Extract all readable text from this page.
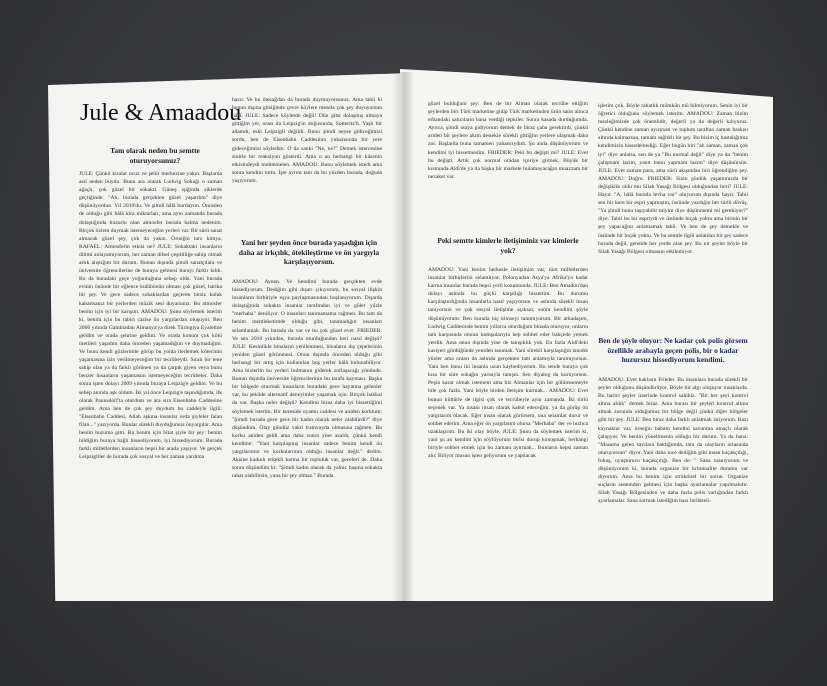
Jule & Amaadou
Tam olarak neden bu semtte oturuyorsunuz?

JULE: Çünkü kiralar ucuz ve şehir merkezine yakın. Başlarda asıl neden buydu. Bunu ara olarak Ludwig Sokağı o zaman ağaçlı, çok güzel bir sokakti. Güneş ışığında siklerde geçtiğinde: "Ah, burada gerçekten güzel yaşardım" diye düşünüyordun. Yıl 2010'du. Ve şimdi hâlâ burdayım. Önceden de olduğu gibi hâlâ kira miktarları, ama aynı zamanda burada dolaştığında huzurlu olan atmosfer burada kalma nedenim. Birçok özlem duymak istemeyeceğim yerleri var. Bir sürü sanat almacak güzel şey, çok da yakın. Örneğin tarz kimya. RAFAEL: Atmosferin etkisi ne? JULE: Sokaktaki insanların dilimi anlayamıyorum, her zaman dilsel çeşitliliğe sahip olmak artık alıştığım bir durum. Bunun dışında şimdi sanatçılara ve üniversite öğrencilerine de buraya gelmesi burayı farklı kıldı. Bu da buradaki geçe yoğunluğuna sebep oldu. Yani burada evinin önünde bir eğlence kulübünün olması çok güzel, harika bir şey. Ve gece sadece sokaklardan geçeren bitsiz kulak kabartsanız bir yerlerden müzik sesi duyarsınız. Bu atmosfer benim için iyi bir karışım. AMADOU: Şunu söylemek isterim ki, benim için bu tabiri cazise ön yargılardan oluşuyor. Ben 2006 yılında Gambiadan Almanya'ya direk Türingiya Eyaletine geldim ve orada şehrine geldim. Ve orada konum çok kötü üretileri yaşadım daha önceden yaşamadığım ve duymadığım. Ve bunu kendi gözlerimle görüp bu yolda ilerlemek kötecinin yaşamasına izin verilmeyeceğim bir tecrübeydi. Sıralı bir tene sahip olan ya da farklı görünen ya da çarpık giyen veya bunu benzer insanların yaşamasını istemeyeceğim tecrübeler. Daha sonra işten dolayı 2009 yılında buraya Leipzig'e geldim. Ve bu sebep anında aşk oldum. İki yıl önce Leipzig'e taşındığımda, ilk olarak Paunsdorf'ta oturdum ve ara sıra Eisenbahn Caddesine geldim. Ama ben de çok şey duydum bu caddeyle ilgili: "Eisenbahn Caddesi, Allah aşkına insanlar orda şiyleler falan filan..." yazıyorda. Bunlar sürekli duyduğumuz önyargılar. Ama benim huzuma gitti. Bu benim için bitat şiyle bir şey: benim bildiğim buraya bağlı hissediyorum, iyi hissediyorum. Burada farklı milletlerden insanların hepsi bir arada yaşıyor. Ve gerçek Leipzigliler de burada çok sosyal ve her zaman yardıma

hazır. Ve bu ötesağdan da burada duymuyorsunuz. Ama tabii ki bunun dışına gitsiğinde çevre köylere mesela çok şey duyuyorsun hâlâ. JULE: Sadece köylerde değil! Dün gitsi dolaşmış almaya gittiğim yer, orası da Leipzig'in doğusunda, Sotteritz'ti. Yaşlı bir adamdı, eski Leipzigli değildi. Bunu şimdi neyse gidiceğimizi sordu, ben de Eisenbahn Caddesinin yukarısında bir yere gideceğimizi söyledim. O da sanki "Ne, ne?" Demek istercesine sinirle bir reaksiyon gösterdi. Ama o an herhangi bir kâsenin etkisindeydi muhtemelen. AMADOU: Bunu söylemek istedi ama sonra kendini tuttu. İşte ayrım tam da bu yüzden burada, doğuda yaşıyorum.

Yani her şeyden önce burada yaşadığın için daha az irkçılık, ötekileştirme ve ön yargıyla karşılaşıyorsun.

AMADOU: Aynen. Ve kendimi burada gerçekten evde hissediyorum. Dediğim gibi dışarı çıkıyorum, bu sosyal ilişkin insanların birbiriyle eşya paylaşmasından hoşlanıyorum. Dışarda dolaştığında sokakta insanlar tarafından iyi ve güler yüzle "merhaba" deniliyor. O insanları tanımamama rağmen. Bu tam da benim memleketimde olduğu gibi, tanımadığın insanları selamlamak. Bu burada da var ve bu çok güzel evet. FRIEDER: Ve sen 2010 yılından, burada oturduğundan beri nasıl değişti? JULE: Kesinlikle binaların yenilenmesi, binaların dış çepelerinin yeniden güzel görünmesi. Onun dışında önceden olduğu gibi herhangi bir artış için kullanılan boş yerler hâlâ bulunabiliyor. Ama bizlerim bu yerleri bulmanın giderek zorlaşacağı yönünde. Bunun dışında üniversite öğrencilerinin bu tarafa kayması. Başka bir bölgede oturmak insanların buradaki gece hayatına gelenler var, bu şekilde alternatif deneyimler yaşamak için. Birçok bakkal da var. Başka neler değişti? Kendimi biraz daha iyi hissettiğimi söylemek isterim. Bir kereside oyamu caddesi ve aniden korktum: "Şimdi burada gece gece bir kadın olarak neler olabilirdi?" diye düşündüm. Olay gündüz vakti tramvayda olmasına rağmen. Bu korku aniden geldi ama daha sonra yine azaldı, çünkü kendi kendime: "Yani karşılaşmış insanlar sadece benim kendi ön yargılarımın ve korkularımın olduğu insanlar değil." dedim. Aksine kadınlı erkekli karma bir topluluk var, geceleri de. Daha sonra düşündüm ki: "Şimdi kadın olarak da yalnız başına sokakta rahat olabilirsin, yana bir şey olmaz." Burada

güzel bulduğum şey: Ben de bir Alman olarak tecrübe ettiğim şeylerden biri Türk marketine gidip Türk marketinden ürün satın alınca erbandaki satıcıların bana verdiği tepkiler. Sonra kasada durduğumda. Ayrıca, şimdi otaya gidiyorum demek de biraz çaba gerektirdi, çünkü ariden bir şeylere akım destekle sürekli gittiğim yerlere ulaşmak daha zor. Başlarda buna tamamen yabancıydım. Şu anda düşünüyorum ve kendimi iyi hissetmedim. FRIEDER: Peki bu değişti mi? JULE: Evet bu değişti. Artık çok normal oradan içeriye girmek. Büyük bir kısmında Aldi'de ya da başka bir markete bulamayacağın muazzam bir nezaket var.

Peki semtte kimlerle iletişiminiz var kimlerle yok?

AMADOU: Yani benim herkesle iletişimim var, tüm milletlerden insanlar birbirlerini selamlıyor. Polonyadan Asya'ya Afrika'ya kadar karma insanlar burada hepsi yerli konumunda. JULE: Ben Amadou'dan dolayı aslında bu güçlü karşıtlığı hissettim. Bu durumu karşılaştırdığında insanlarla nasıl yaşıyorsun ve aslında sürekli insan tanıyorsun ve çok sosyal iletişime açıksın, sonra kendimi şöyle düşünüyorum: Ben burada hiç kimseyi tanımıyorum. Bir arkadaşım, Ludwig Caddesinde benim yıllarca oturduğum binada oturuyor, onların tam karşısında oturan komşularıyla hep sohbet eder bahçede yemek yerdik. Ama onun dışında yine de tanışıklık yok. En fazla Aldi'deki kasiyeri gördüğünde yeniden tanımak. Yani sürekli karşılaştığın tanıdık yüzler ama onları da aslında gerçekten tam anlamıyla tanımıyorsun. Yani ben bunu iki insanla uzun kaybediyorum. Bu sende buraya çok kısa bir süre sokağın yarısıyla tanışın. Sen diyalog da kuruyorsun. Peşin karar olmak istemem ama biz Almanlar için bir gülümsemeyle bile çok fazla. Yani böyle birden iletişim kurmak... AMADOU: Evet bunun kültürle de ilgisi çok ve tecrübeyle aynı zamanda. İki türlü seçenek var. Ya insanı insan olarak kabul edeceğim, ya da görüp ön yargılarım olacak. Eğer insan olarak görürsem, ona selamlar durur ve sohbet ederim. Ama eğer ön yargılarım olursa "Merhaba" der ve hızlıca uzaklaşırım. Bu iki olay böyle. JULE: Şunu da söylemek isterim ki, yani şu an kendim için söylüyorum birisi durup konuşmak, herhangi biriyle sohbet etmek için bu zamanı ayırmak... Bunların hepsi zaman alır. Biliyor musun işten geliyorum ve yapılacak

işlerim çok. Böyle rahatlık mümkün mü bilmiyorum. Senin iyi bir öğretici olduğunu söylemek isterim. AMADOU: Zaman bizim mesleğimizde çok önemlidir, değerli ya da değerli kılıyoruz. Çünkü kendine zaman ayırırsan ve toplum taraftan zaman baskısı altında kalmazsan, tamam sağlıklı bir şey. Bu bizim iç hastalığımız kendimizin hissedemediği. Eğer bugün biri "ah zaman, zaman çok iyi" diye anlatsa, sen de ya "Bu normal değil" diye ya da "benim çalışmam lazım, yanıt bunu yapmam lazım" diye düşünürsün. JULE: Evet zaman para, ama sürü akışından biri öğrendiğim şey. AMADOU: Doğru. FRIEDER: Sizin günlük yaşamınızda bir değişiklik oldu mu Silah Yasağı Bölgesi olduğundan beri? JULE: Hayır. "A, hâlâ burada levha var" oluyorum dışında hayır. Tabii sen bir kere bir espri yapmıştın, üstünde yazdığın her türlü dövüş. "Ya şimdi bunu taşıyabilir miyim diye düşünmemi mi gerekiyor?" diye. Tabii bu bir espriydi ve üstünde bıçak yoktu ama birinin bir şey yapacağını anlamamak tabii. Ve ben de şey demekle ve üstünde bir bıçak yoktu. Ve bu semtle ilgili anlatılan bir şey sadece burada değil, genelde her yerde olan şey. Bu nir şeyler böyle bir Silah Yasağı Bölgesi olmasını etkilemiyor.

Ben de şöyle oluyor: Ne kadar çok polis görsem özellikle arabayla geçen polis, bir o kadar huzursuz hissediyorum kendimi.

AMADOU: Evet haklısın Frieder. Bu insanlara burada sürekli bir şeyler olduğunu düşündürüyor. Böyle bir algı oluşuyor insanlarda. Bu harici şeyler üzerinde kontrol sahibiz. "Bir her şeyi kontrol altına aldık" demek biraz. Ama burası bir şeyleri kontrol altına almak zorunda olduğumuz bir bölge değil çünkü diğer bölgeler gibi bir şey. JULE: Ben biraz daha farklı anlatmak istiyorum. Bazı kaynaklar var, örneğin babam kendini savunma amaçlı olarak çalışıyor. Ve benim yöneltmenin olduğu bir durum. Ya da bana: "Masama gelen sayılara baktığımda, tam da olayların ortasında oturuyorsun" diyor. Yani daha ince dediğim gibi insan kaçakçılığı, fuhuş, uyuşturucu kaçakçılığı. Ben de: " Sana inanıyorum ve düşünüyorum ki, burada organize bir kriminalite durumu var diyorum. Ama bu benim için strüktürel bir sorun. Organize suçların sistemden gelmesi için başka ayarlamalar yapılmalıdır. Silah Yasağı Bölgesinden ve daha fazla polis varlığından farklı ayarlamalar. Sana sormak istediğim bazı birlikteli-
